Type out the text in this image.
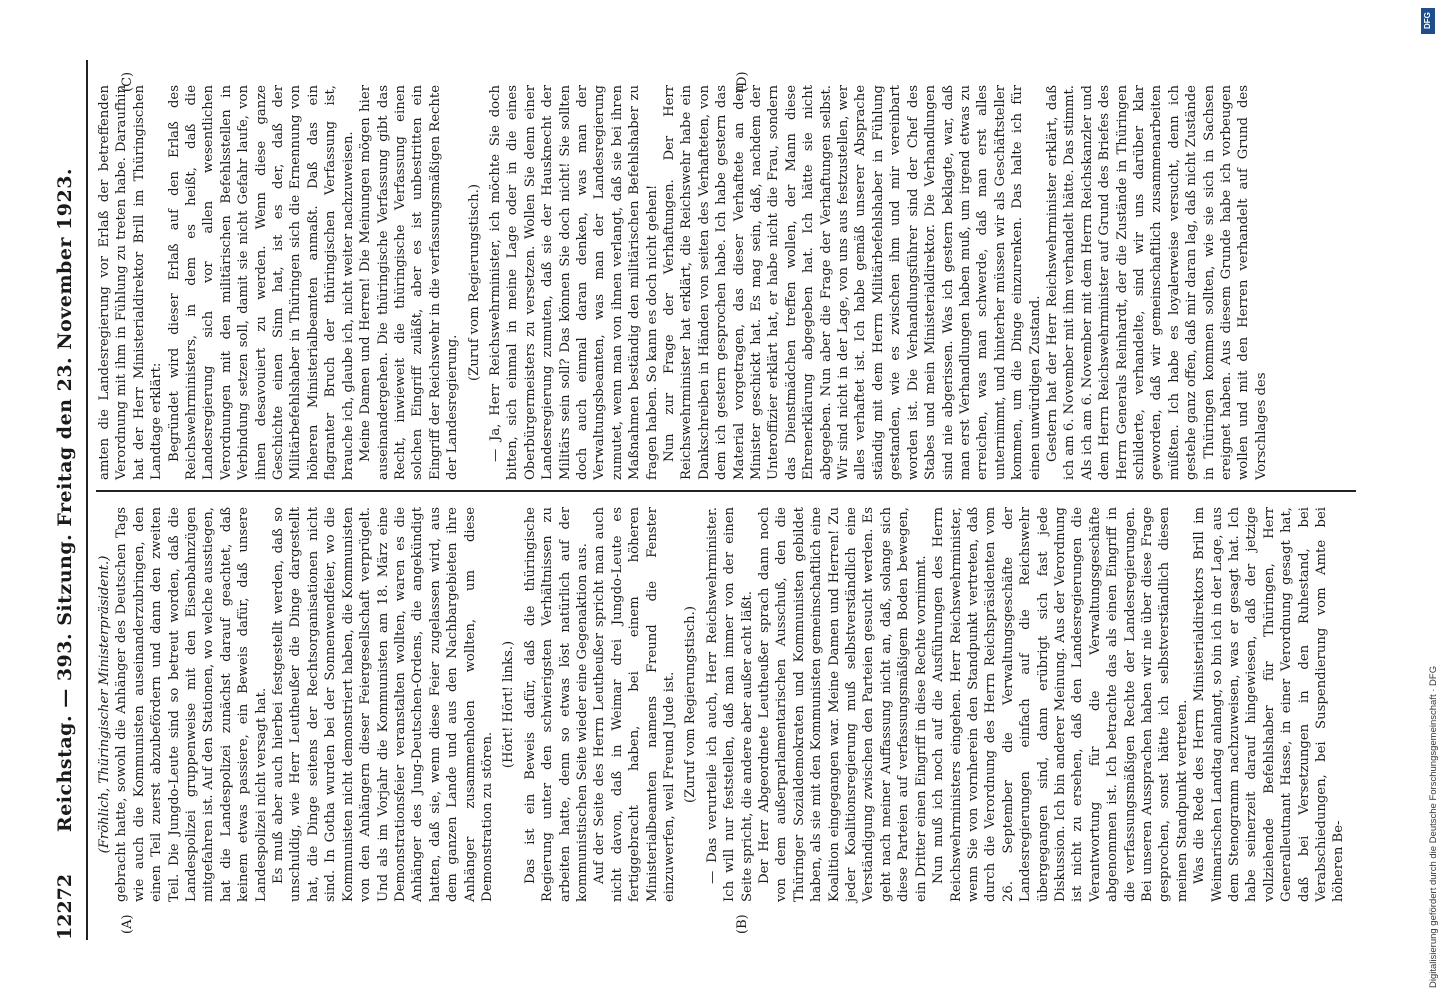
12272
Reichstag. — 393. Sitzung. Freitag den 23. November 1923.
(A)	(B)
(C)	(D)

(Fröhlich, Thüringischer Ministerpräsident.) gebracht hatte, sowohl die Anhänger des Deutschen Tags wie auch die Kommunisten auseinanderzubringen, den einen Teil zuerst abzubefördern und dann den zweiten Teil. Die Jungdo-Leute sind so betreut worden, daß die Landespolizei gruppenweise mit den Eisenbahnzügen mitgefahren ist. Auf den Stationen, wo welche ausstiegen, hat die Landespolizei zunächst darauf geachtet, daß keinem etwas passiere, ein Beweis dafür, daß unsere Landespolizei nicht versagt hat. Es muß aber auch hierbei festgestellt werden, daß so unschuldig, wie Herr Leutheußer die Dinge dargestellt hat, die Dinge seitens der Rechtsorganisationen nicht sind. In Gotha wurden bei der Sonnenwendfeier, wo die Kommunisten nicht demonstriert haben, die Kommunisten von den Anhängern dieser Feiergesellschaft verprügelt. Und als im Vorjahr die Kommunisten am 18. März eine Demonstrationsfeier veranstalten wollten, waren es die Anhänger des Jung-Deutschen-Ordens, die angekündigt hatten, daß sie, wenn diese Feier zugelassen wird, aus dem ganzen Lande und aus den Nachbargebieten ihre Anhänger zusammenholen wollten, um diese Demonstration zu stören.

(Hört! Hört! links.) Das ist ein Beweis dafür, daß die thüringische Regierung unter den schwierigsten Verhältnissen zu arbeiten hatte, denn so etwas löst natürlich auf der kommunistischen Seite wieder eine Gegenaktion aus. Auf der Seite des Herrn Leutheußer spricht man auch nicht davon, daß in Weimar drei Jungdo-Leute es fertiggebracht haben, bei einem höheren Ministerialbeamten namens Freund die Fenster einzuwerfen, weil Freund Jude ist. (Zuruf vom Regierungstisch.) — Das verurteile ich auch, Herr Reichswehrminister. Ich will nur feststellen, daß man immer von der einen Seite spricht, die andere aber außer acht läßt. Der Herr Abgeordnete Leutheußer sprach dann noch von dem außerparlamentarischen Ausschuß, den die Thüringer Sozialdemokraten und Kommunisten gebildet haben, als sie mit den Kommunisten gemeinschaftlich eine Koalition eingegangen war. Meine Damen und Herren! Zu jeder Koalitionsregierung muß selbstverständlich eine Verständigung zwischen den Parteien gesucht werden. Es geht nach meiner Auffassung nicht an, daß, solange sich diese Parteien auf verfassungsmäßigem Boden bewegen, ein Dritter einen Eingriff in diese Rechte vornimmt. Nun muß ich noch auf die Ausführungen des Herrn Reichswehrministers eingehen. Herr Reichswehrminister, wenn Sie von vornherein den Standpunkt vertreten, daß durch die Verordnung des Herrn Reichspräsidenten vom 26. September die Verwaltungsgeschäfte der Landesregierungen einfach auf die Reichswehr übergegangen sind, dann erübrigt sich fast jede Diskussion. Ich bin anderer Meinung. Aus der Verordnung ist nicht zu ersehen, daß den Landesregierungen die Verantwortung für die Verwaltungsgeschäfte abgenommen ist. Ich betrachte das als einen Eingriff in die verfassungsmäßigen Rechte der Landesregierungen. Bei unseren Aussprachen haben wir nie über diese Frage gesprochen, sonst hätte ich selbstverständlich diesen meinen Standpunkt vertreten. Was die Rede des Herrn Ministerialdirektors Brill im Weimarischen Landtag anlangt, so bin ich in der Lage, aus dem Stenogramm nachzuweisen, was er gesagt hat. Ich habe seinerzeit darauf hingewiesen, daß der jetzige vollziehende Befehlshaber für Thüringen, Herr Generalleutnant Hasse, in einer Verordnung gesagt hat, daß bei Versetzungen in den Ruhestand, bei Verabschiedungen, bei Suspendierung vom Amte bei höheren Be-

amten die Landesregierung vor Erlaß der betreffenden Verordnung mit ihm in Fühlung zu treten habe. Daraufhin hat der Herr Ministerialdirektor Brill im Thüringischen Landtage erklärt: Begründet wird dieser Erlaß auf den Erlaß des Reichswehrministers, in dem es heißt, daß die Landesregierung sich vor allen wesentlichen Verordnungen mit den militärischen Befehlsstellen in Verbindung setzen soll, damit sie nicht Gefahr laufe, von ihnen desavouiert zu werden. Wenn diese ganze Geschichte einen Sinn hat, ist es der, daß der Militärbefehlshaber in Thüringen sich die Ernennung von höheren Ministerialbeamten anmaßt. Daß das ein flagranter Bruch der thüringischen Verfassung ist, brauche ich, glaube ich, nicht weiter nachzuweisen. Meine Damen und Herren! Die Meinungen mögen hier auseinandergehen. Die thüringische Verfassung gibt das Recht, inwieweit die thüringische Verfassung einen solchen Eingriff zuläßt, aber es ist unbestritten ein Eingriff der Reichswehr in die verfassungsmäßigen Rechte der Landesregierung.

(Zuruf vom Regierungstisch.) — Ja, Herr Reichswehrminister, ich möchte Sie doch bitten, sich einmal in meine Lage oder in die eines Oberbürgermeisters zu versetzen. Wollen Sie denn einer Landesregierung zumuten, daß sie der Hausknecht der Militärs sein soll? Das können Sie doch nicht! Sie sollten doch auch einmal daran denken, was man der Verwaltungsbeamten, was man der Landesregierung zumutet, wenn man von ihnen verlangt, daß sie bei ihren Maßnahmen beständig den militärischen Befehlshaber zu fragen haben. So kann es doch nicht gehen! Nun zur Frage der Verhaftungen. Der Herr Reichswehrminister hat erklärt, die Reichswehr habe ein Dankschreiben in Händen von seiten des Verhafteten, von dem ich gestern gesprochen habe. Ich habe gestern das Material vorgetragen, das dieser Verhaftete an den Minister geschickt hat. Es mag sein, daß, nachdem der Unteroffizier erklärt hat, er habe nicht die Frau, sondern das Dienstmädchen treffen wollen, der Mann diese Ehrenerklärung abgegeben hat. Ich hätte sie nicht abgegeben. Nun aber die Frage der Verhaftungen selbst. Wir sind nicht in der Lage, von uns aus festzustellen, wer alles verhaftet ist. Ich habe gemäß unserer Absprache ständig mit dem Herrn Militärbefehlshaber in Fühlung gestanden, wie es zwischen ihm und mir vereinbart worden ist. Die Verhandlungsführer sind der Chef des Stabes und mein Ministerialdirektor. Die Verhandlungen sind nie abgerissen. Was ich gestern beklagte, war, daß man erst Verhandlungen haben muß, um irgend etwas zu erreichen, was man schwerde, daß man erst alles unternimmt, und hinterher müssen wir als Geschäftsteller kommen, um die Dinge einzurenken. Das halte ich für einen unwürdigen Zustand. Gestern hat der Herr Reichswehrminister erklärt, daß ich am 6. November mit ihm verhandelt hätte. Das stimmt. Als ich am 6. November mit dem Herrn Reichskanzler und dem Herrn Reichswehrminister auf Grund des Briefes des Herrn Generals Reinhardt, der die Zustände in Thüringen schilderte, verhandelte, sind wir uns darüber klar geworden, daß wir gemeinschaftlich zusammenarbeiten müßten. Ich habe es loyalerweise versucht, denn ich gestehe ganz offen, daß mir daran lag, daß nicht Zustände in Thüringen kommen sollten, wie sie sich in Sachsen ereignet haben. Aus diesem Grunde habe ich vorbeugen wollen und mit den Herren verhandelt auf Grund des Vorschlages des

DFG
Digitalisierung gefördert durch die Deutsche Forschungsgemeinschaft · DFG
